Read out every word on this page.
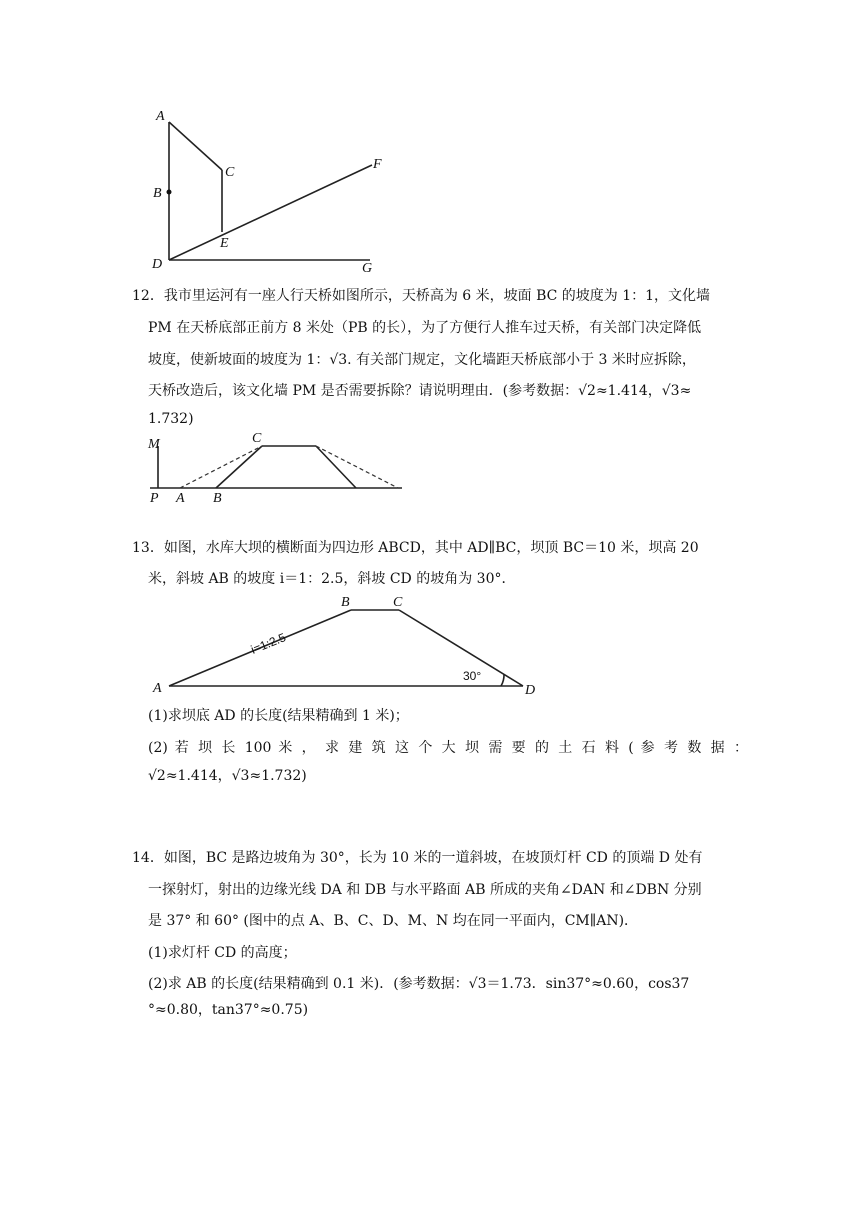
A
B
C
D
E
F
G
12．我市里运河有一座人行天桥如图所示，天桥高为 6 米，坡面 BC 的坡度为 1：1，文化墙
PM 在天桥底部正前方 8 米处（PB 的长），为了方便行人推车过天桥，有关部门决定降低
坡度，使新坡面的坡度为 1：√3. 有关部门规定，文化墙距天桥底部小于 3 米时应拆除，
天桥改造后，该文化墙 PM 是否需要拆除？请说明理由．(参考数据：√2≈1.414，√3≈
1.732)
M	C
P A B
13．如图，水库大坝的横断面为四边形 ABCD，其中 AD∥BC，坝顶 BC＝10 米，坝高 20
米，斜坡 AB 的坡度 i＝1：2.5，斜坡 CD 的坡角为 30°．
B	C
A	D
30°
i=1:2.5
(1)求坝底 AD 的长度(结果精确到 1 米)；
(2) 若 坝 长 100 米 ， 求 建 筑 这 个 大 坝 需 要 的 土 石 料 ( 参 考 数 据 ：
√2≈1.414，√3≈1.732)
14．如图，BC 是路边坡角为 30°，长为 10 米的一道斜坡，在坡顶灯杆 CD 的顶端 D 处有
一探射灯，射出的边缘光线 DA 和 DB 与水平路面 AB 所成的夹角∠DAN 和∠DBN 分别
是 37° 和 60° (图中的点 A、B、C、D、M、N 均在同一平面内，CM∥AN)．
(1)求灯杆 CD 的高度；
(2)求 AB 的长度(结果精确到 0.1 米)．(参考数据：√3＝1.73．sin37°≈0.60，cos37
°≈0.80，tan37°≈0.75)
